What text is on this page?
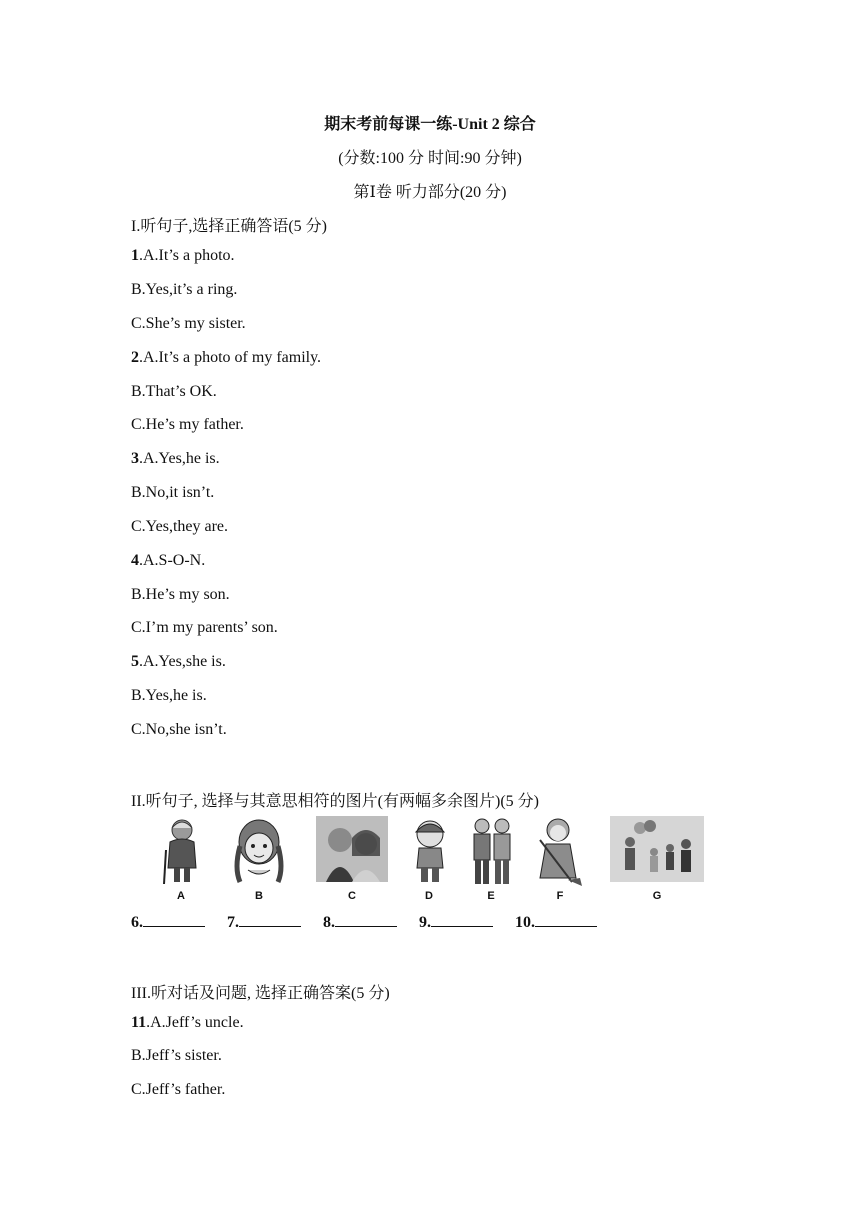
期末考前每课一练-Unit 2 综合
(分数:100 分 时间:90 分钟)
第Ⅰ卷 听力部分(20 分)
I.听句子,选择正确答语(5 分)
1.A.It’s a photo.
B.Yes,it’s a ring.
C.She’s my sister.
2.A.It’s a photo of my family.
B.That’s OK.
C.He’s my father.
3.A.Yes,he is.
B.No,it isn’t.
C.Yes,they are.
4.A.S-O-N.
B.He’s my son.
C.I’m my parents’ son.
5.A.Yes,she is.
B.Yes,he is.
C.No,she isn’t.
II.听句子, 选择与其意思相符的图片(有两幅多余图片)(5 分)
A	B	C	D	E	F	G
6.	7.	8.	9.	10.
III.听对话及问题, 选择正确答案(5 分)
11.A.Jeff’s uncle.
B.Jeff’s sister.
C.Jeff’s father.
